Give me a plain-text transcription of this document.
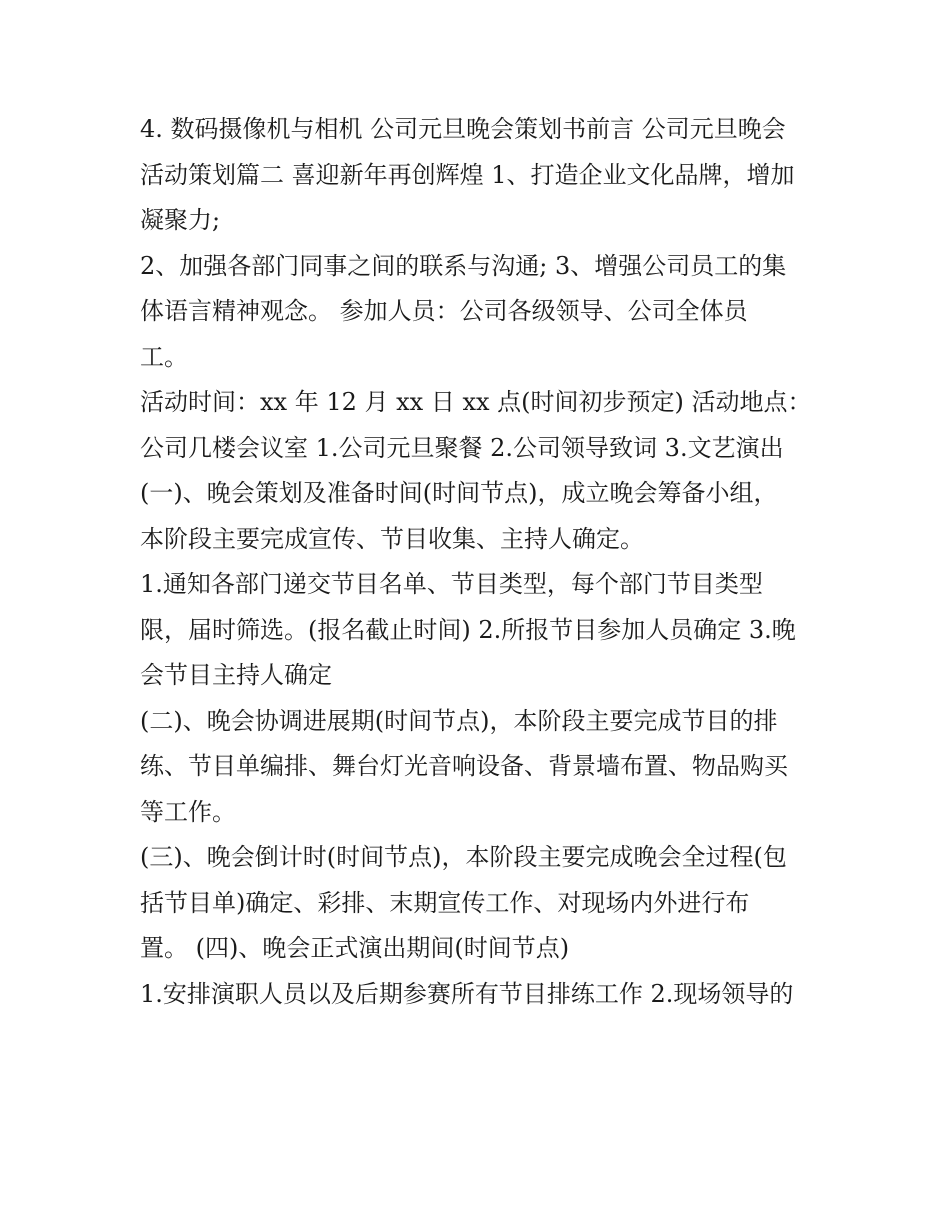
4. 数码摄像机与相机 公司元旦晚会策划书前言 公司元旦晚会
活动策划篇二 喜迎新年再创辉煌 1、打造企业文化品牌，增加
凝聚力;
2、加强各部门同事之间的联系与沟通; 3、增强公司员工的集
体语言精神观念。 参加人员：公司各级领导、公司全体员
工。
活动时间：xx 年 12 月 xx 日 xx 点(时间初步预定) 活动地点：
公司几楼会议室 1.公司元旦聚餐 2.公司领导致词 3.文艺演出
(一)、晚会策划及准备时间(时间节点)，成立晚会筹备小组，
本阶段主要完成宣传、节目收集、主持人确定。
1.通知各部门递交节目名单、节目类型，每个部门节目类型
限，届时筛选。(报名截止时间) 2.所报节目参加人员确定 3.晚
会节目主持人确定
(二)、晚会协调进展期(时间节点)，本阶段主要完成节目的排
练、节目单编排、舞台灯光音响设备、背景墙布置、物品购买
等工作。
(三)、晚会倒计时(时间节点)，本阶段主要完成晚会全过程(包
括节目单)确定、彩排、末期宣传工作、对现场内外进行布
置。 (四)、晚会正式演出期间(时间节点)
1.安排演职人员以及后期参赛所有节目排练工作 2.现场领导的
